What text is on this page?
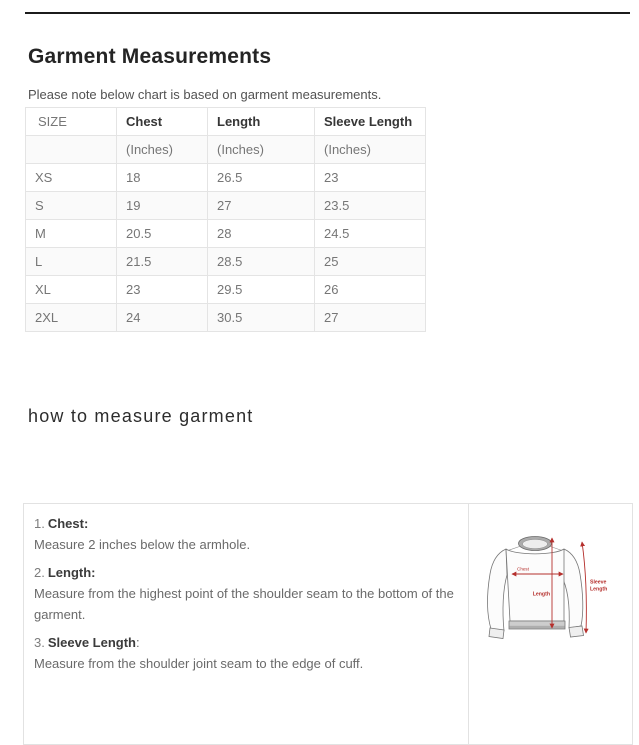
Garment Measurements

Please note below chart is based on garment measurements.

SIZE	Chest	Length	Sleeve Length
	(Inches)	(Inches)	(Inches)
XS	18	26.5	23
S	19	27	23.5
M	20.5	28	24.5
L	21.5	28.5	25
XL	23	29.5	26
2XL	24	30.5	27
how to measure garment
1. Chest:
Measure 2 inches below the armhole.
2. Length:
Measure from the highest point of the shoulder seam to the bottom of the garment.
3. Sleeve Length:
Measure from the shoulder joint seam to the edge of cuff.
Chest
Length
Sleeve
Length
